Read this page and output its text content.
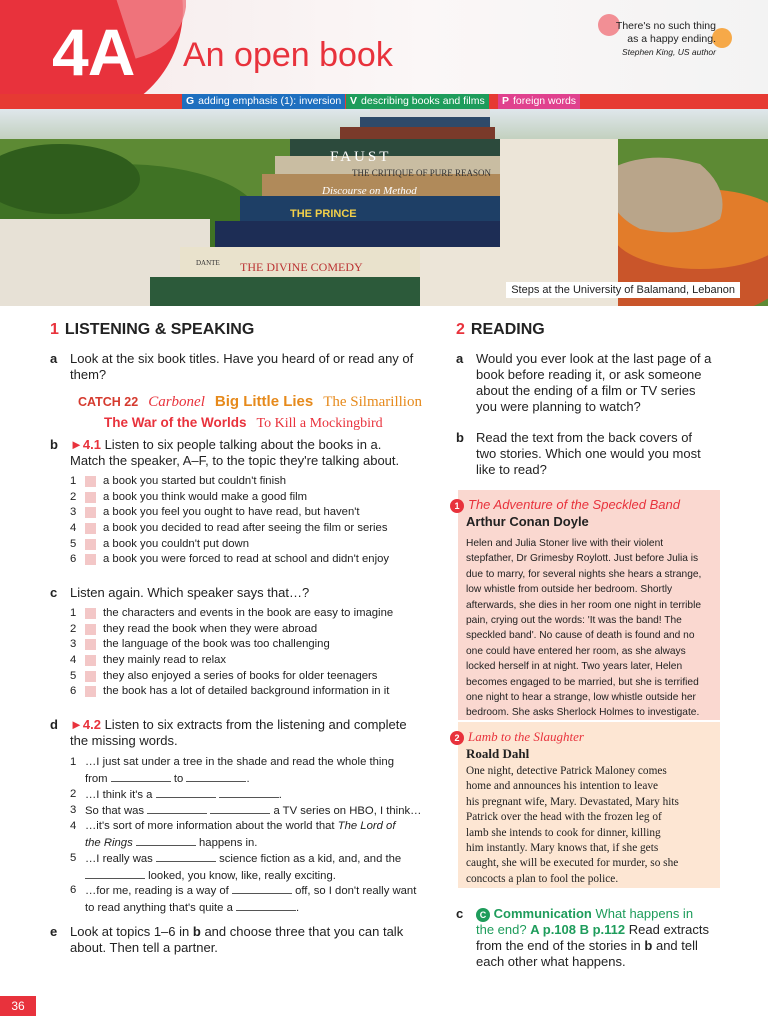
4A An open book
There's no such thing
as a happy ending.
Stephen King, US author
G adding emphasis (1): inversion V describing books and films	P foreign words
FAUST
THE CRITIQUE OF PURE REASON
Discourse on Method
THE PRINCE
THE DIVINE COMEDY
DANTE
Steps at the University of Balamand, Lebanon
1 LISTENING & SPEAKING
a Look at the six book titles. Have you heard of or read any of
them?
CATCH 22 Carbonel Big Little Lies The Silmarillion
The War of the Worlds To Kill a Mockingbird
b ►4.1 Listen to six people talking about the books in a.
Match the speaker, A–F, to the topic they're talking about.
1	a book you started but couldn't finish
2	a book you think would make a good film
3	a book you feel you ought to have read, but haven't
4	a book you decided to read after seeing the film or series
5	a book you couldn't put down
6	a book you were forced to read at school and didn't enjoy
c Listen again. Which speaker says that…?
1	the characters and events in the book are easy to imagine
2	they read the book when they were abroad
3	the language of the book was too challenging
4	they mainly read to relax
5	they also enjoyed a series of books for older teenagers
6	the book has a lot of detailed background information in it
d ►4.2 Listen to six extracts from the listening and complete
the missing words.
1 …I just sat under a tree in the shade and read the whole thing
from	to	.
2 …I think it's a	.
3 So that was	a TV series on HBO, I think…
4 …it's sort of more information about the world that The Lord of
the Rings	happens in.
5 …I really was	science fiction as a kid, and, and the
looked, you know, like, really exciting.
6 …for me, reading is a way of	off, so I don't really want
to read anything that's quite a	.
e Look at topics 1–6 in b and choose three that you can talk
about. Then tell a partner.
2 READING
a Would you ever look at the last page of a
book before reading it, or ask someone
about the ending of a film or TV series
you were planning to watch?
b Read the text from the back covers of
two stories. Which one would you most
like to read?
1 The Adventure of the Speckled Band
Arthur Conan Doyle
Helen and Julia Stoner live with their violent
stepfather, Dr Grimesby Roylott. Just before Julia is
due to marry, for several nights she hears a strange,
low whistle from outside her bedroom. Shortly
afterwards, she dies in her room one night in terrible
pain, crying out the words: 'It was the band! The
speckled band'. No cause of death is found and no
one could have entered her room, as she always
locked herself in at night. Two years later, Helen
becomes engaged to be married, but she is terrified
one night to hear a strange, low whistle outside her
bedroom. She asks Sherlock Holmes to investigate.
2 Lamb to the Slaughter
Roald Dahl
One night, detective Patrick Maloney comes
home and announces his intention to leave
his pregnant wife, Mary. Devastated, Mary hits
Patrick over the head with the frozen leg of
lamb she intends to cook for dinner, killing
him instantly. Mary knows that, if she gets
caught, she will be executed for murder, so she
concocts a plan to fool the police.
c	C Communication What happens in
the end? A p.108 B p.112 Read extracts
from the end of the stories in b and tell
each other what happens.
36
